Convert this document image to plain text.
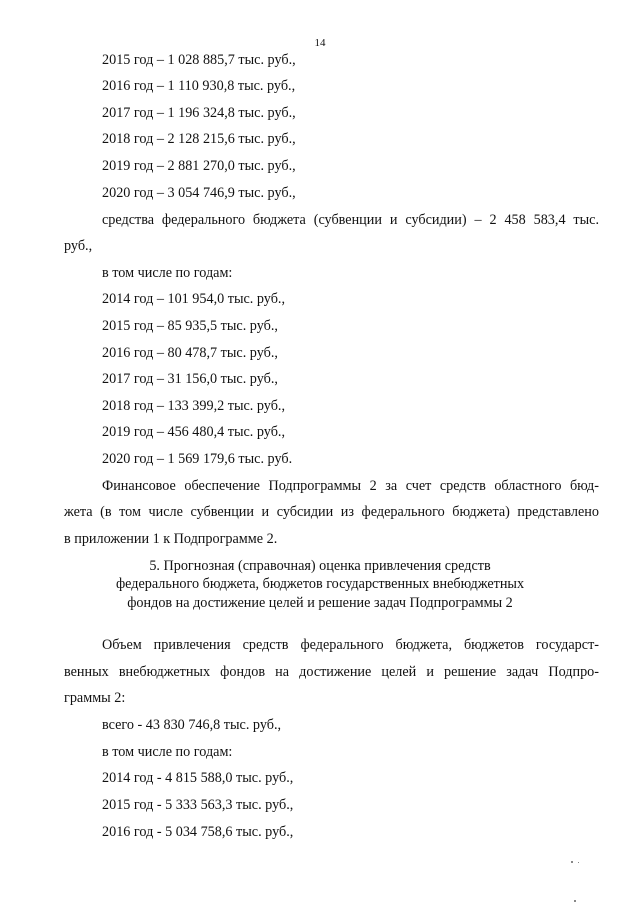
14
2015 год – 1 028 885,7 тыс. руб.,
2016 год – 1 110 930,8 тыс. руб.,
2017 год – 1 196 324,8 тыс. руб.,
2018 год – 2 128 215,6 тыс. руб.,
2019 год – 2 881 270,0 тыс. руб.,
2020 год – 3 054 746,9 тыс. руб.,
средства федерального бюджета (субвенции и субсидии) – 2 458 583,4 тыс.
руб.,
в том числе по годам:
2014 год – 101 954,0 тыс. руб.,
2015 год – 85 935,5 тыс. руб.,
2016 год – 80 478,7 тыс. руб.,
2017 год – 31 156,0 тыс. руб.,
2018 год – 133 399,2 тыс. руб.,
2019 год – 456 480,4 тыс. руб.,
2020 год – 1 569 179,6 тыс. руб.
Финансовое обеспечение Подпрограммы 2 за счет средств областного бюд-
жета (в том числе субвенции и субсидии из федерального бюджета) представлено
в приложении 1 к Подпрограмме 2.
5. Прогнозная (справочная) оценка привлечения средств
федерального бюджета, бюджетов государственных внебюджетных
фондов на достижение целей и решение задач Подпрограммы 2
Объем привлечения средств федерального бюджета, бюджетов государст-
венных внебюджетных фондов на достижение целей и решение задач Подпро-
граммы 2:
всего - 43 830 746,8 тыс. руб.,
в том числе по годам:
2014 год - 4 815 588,0 тыс. руб.,
2015 год - 5 333 563,3 тыс. руб.,
2016 год - 5 034 758,6 тыс. руб.,
